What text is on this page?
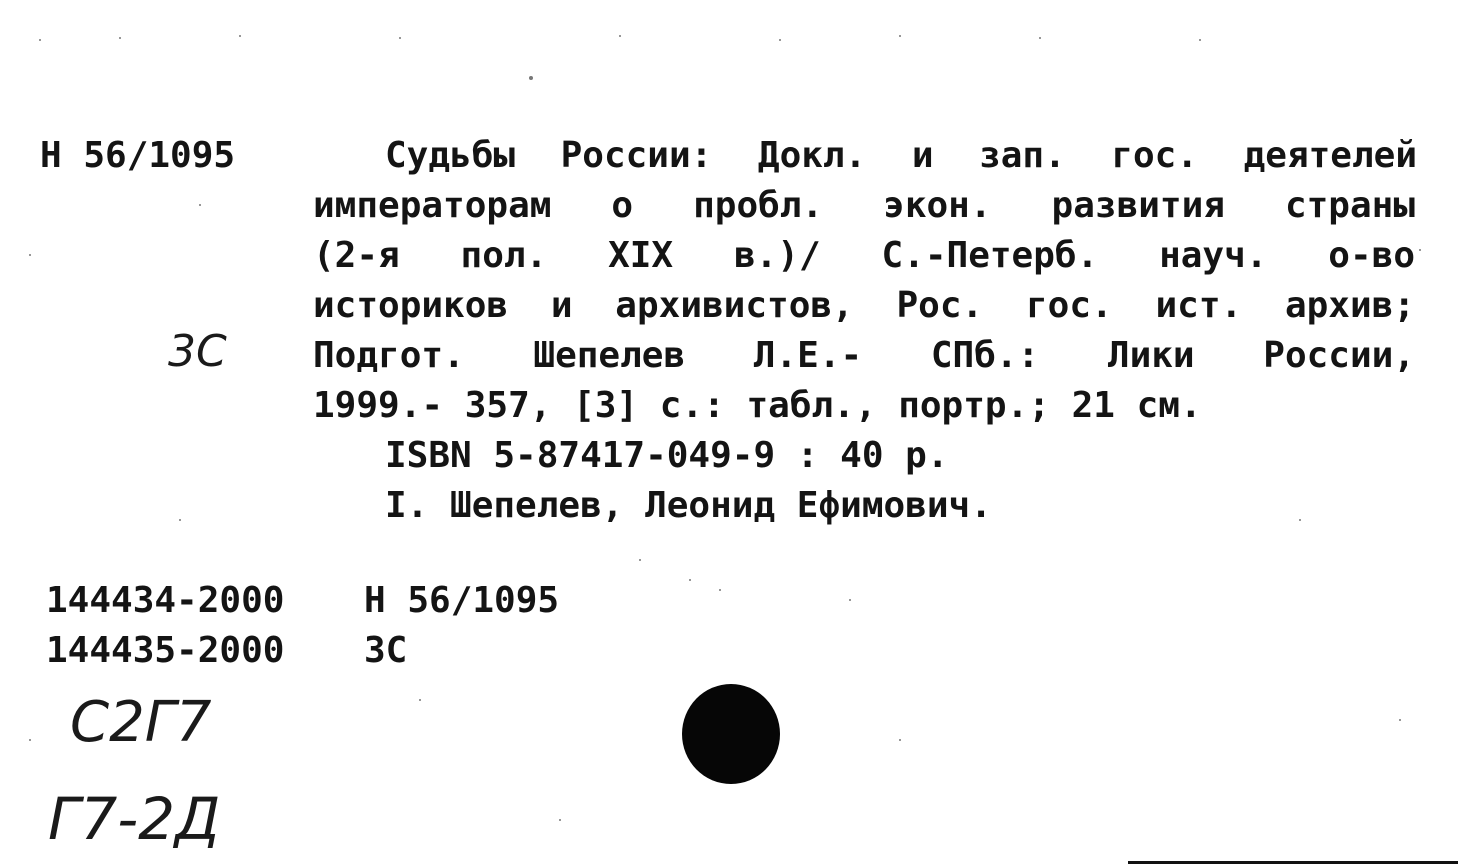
Н 56/1095
3С
Судьбы России: Докл. и зап. гос. деятелей
императорам о пробл. экон. развития страны
(2-я пол. XIX в.)/ С.-Петерб. науч. о-во
историков и архивистов, Рос. гос. ист. архив;
Подгот. Шепелев Л.Е.- СПб.: Лики России,
1999.- 357, [3] с.: табл., портр.; 21 см.
ISBN 5-87417-049-9 : 40 р.
I. Шепелев, Леонид Ефимович.
144434-2000 Н 56/1095
144435-2000 ЗС
С2Г7
Г7-2Д
